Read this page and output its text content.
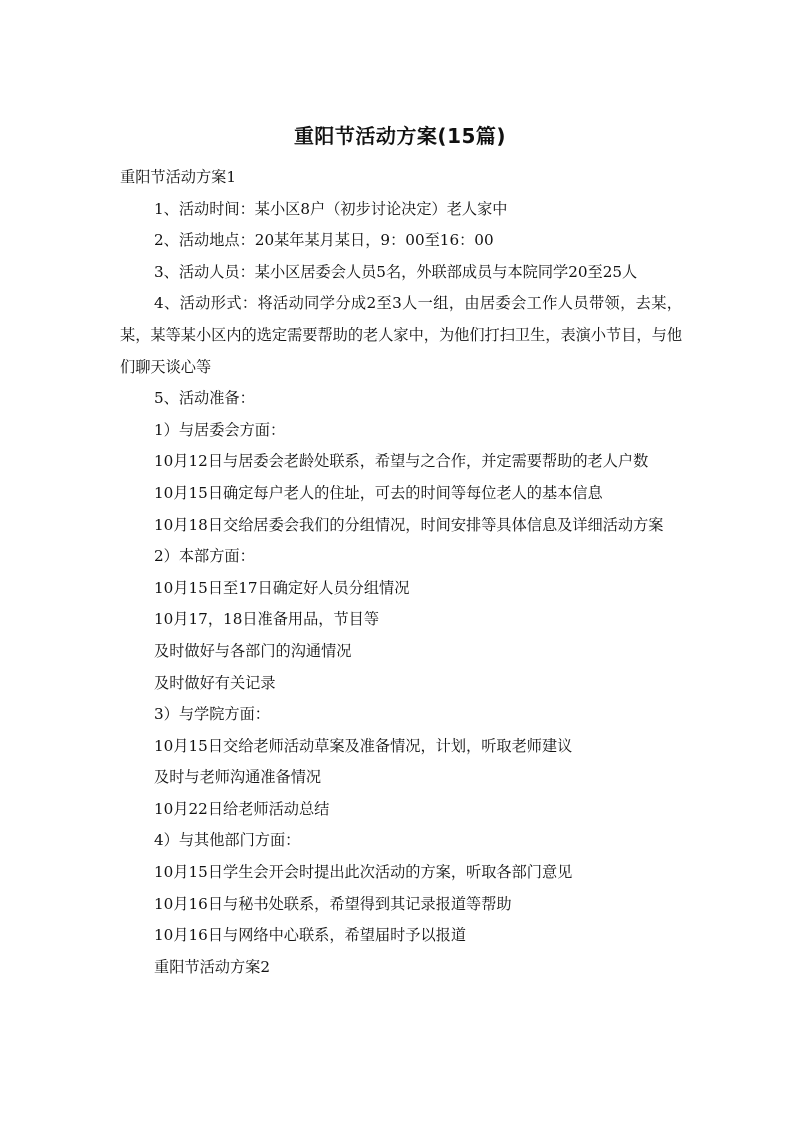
重阳节活动方案(15篇)
重阳节活动方案1
1、活动时间：某小区8户（初步讨论决定）老人家中
2、活动地点：20某年某月某日，9：00至16：00
3、活动人员：某小区居委会人员5名，外联部成员与本院同学20至25人
4、活动形式：将活动同学分成2至3人一组，由居委会工作人员带领，去某，某，某等某小区内的选定需要帮助的老人家中，为他们打扫卫生，表演小节目，与他们聊天谈心等
5、活动准备：
1）与居委会方面：
10月12日与居委会老龄处联系，希望与之合作，并定需要帮助的老人户数
10月15日确定每户老人的住址，可去的时间等每位老人的基本信息
10月18日交给居委会我们的分组情况，时间安排等具体信息及详细活动方案
2）本部方面：
10月15日至17日确定好人员分组情况
10月17，18日准备用品，节目等
及时做好与各部门的沟通情况
及时做好有关记录
3）与学院方面：
10月15日交给老师活动草案及准备情况，计划，听取老师建议
及时与老师沟通准备情况
10月22日给老师活动总结
4）与其他部门方面：
10月15日学生会开会时提出此次活动的方案，听取各部门意见
10月16日与秘书处联系，希望得到其记录报道等帮助
10月16日与网络中心联系，希望届时予以报道
重阳节活动方案2
